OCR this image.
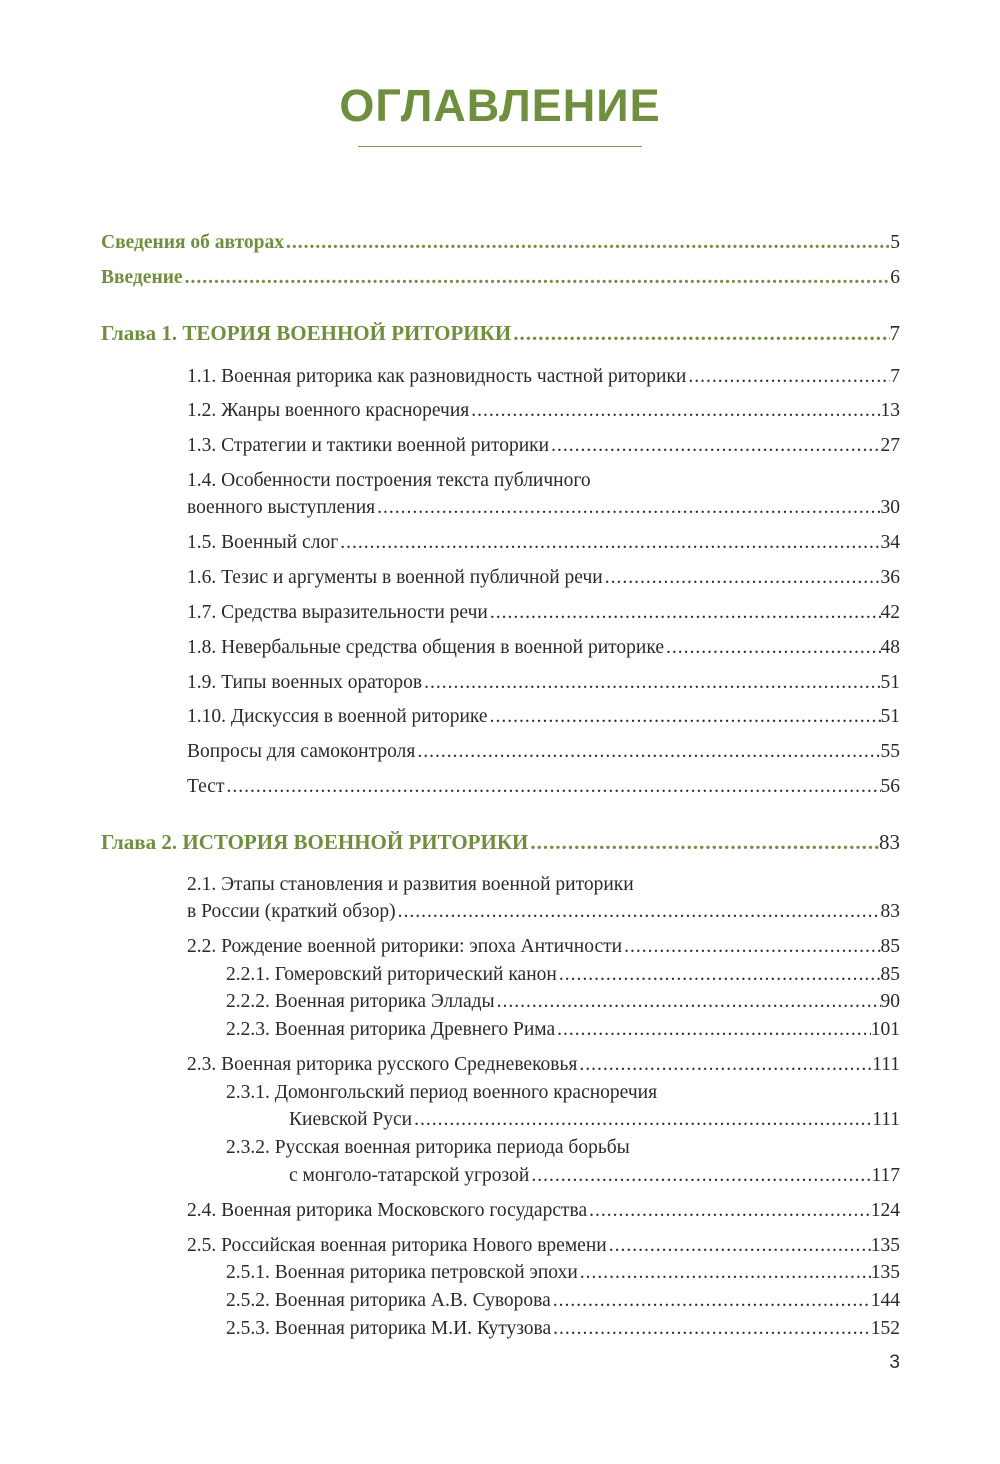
ОГЛАВЛЕНИЕ
Сведения об авторах .....	5
Введение .....	6
Глава 1. ТЕОРИЯ ВОЕННОЙ РИТОРИКИ .....	7
1.1. Военная риторика как разновидность частной риторики .....	7
1.2. Жанры военного красноречия .....	13
1.3. Стратегии и тактики военной риторики .....	27
1.4. Особенности построения текста публичного
военного выступления .....	30
1.5. Военный слог .....	34
1.6. Тезис и аргументы в военной публичной речи .....	36
1.7. Средства выразительности речи .....	42
1.8. Невербальные средства общения в военной риторике .....	48
1.9. Типы военных ораторов .....	51
1.10. Дискуссия в военной риторике .....	51
Вопросы для самоконтроля .....	55
Тест .....	56
Глава 2. ИСТОРИЯ ВОЕННОЙ РИТОРИКИ .....	83
2.1. Этапы становления и развития военной риторики
в России (краткий обзор) .....	83
2.2. Рождение военной риторики: эпоха Античности .....	85
2.2.1. Гомеровский риторический канон .....	85
2.2.2. Военная риторика Эллады .....	90
2.2.3. Военная риторика Древнего Рима .....	101
2.3. Военная риторика русского Средневековья .....	111
2.3.1. Домонгольский период военного красноречия
Киевской Руси .....	111
2.3.2. Русская военная риторика периода борьбы
с монголо-татарской угрозой .....	117
2.4. Военная риторика Московского государства .....	124
2.5. Российская военная риторика Нового времени .....	135
2.5.1. Военная риторика петровской эпохи .....	135
2.5.2. Военная риторика А.В. Суворова .....	144
2.5.3. Военная риторика М.И. Кутузова .....	152
3
